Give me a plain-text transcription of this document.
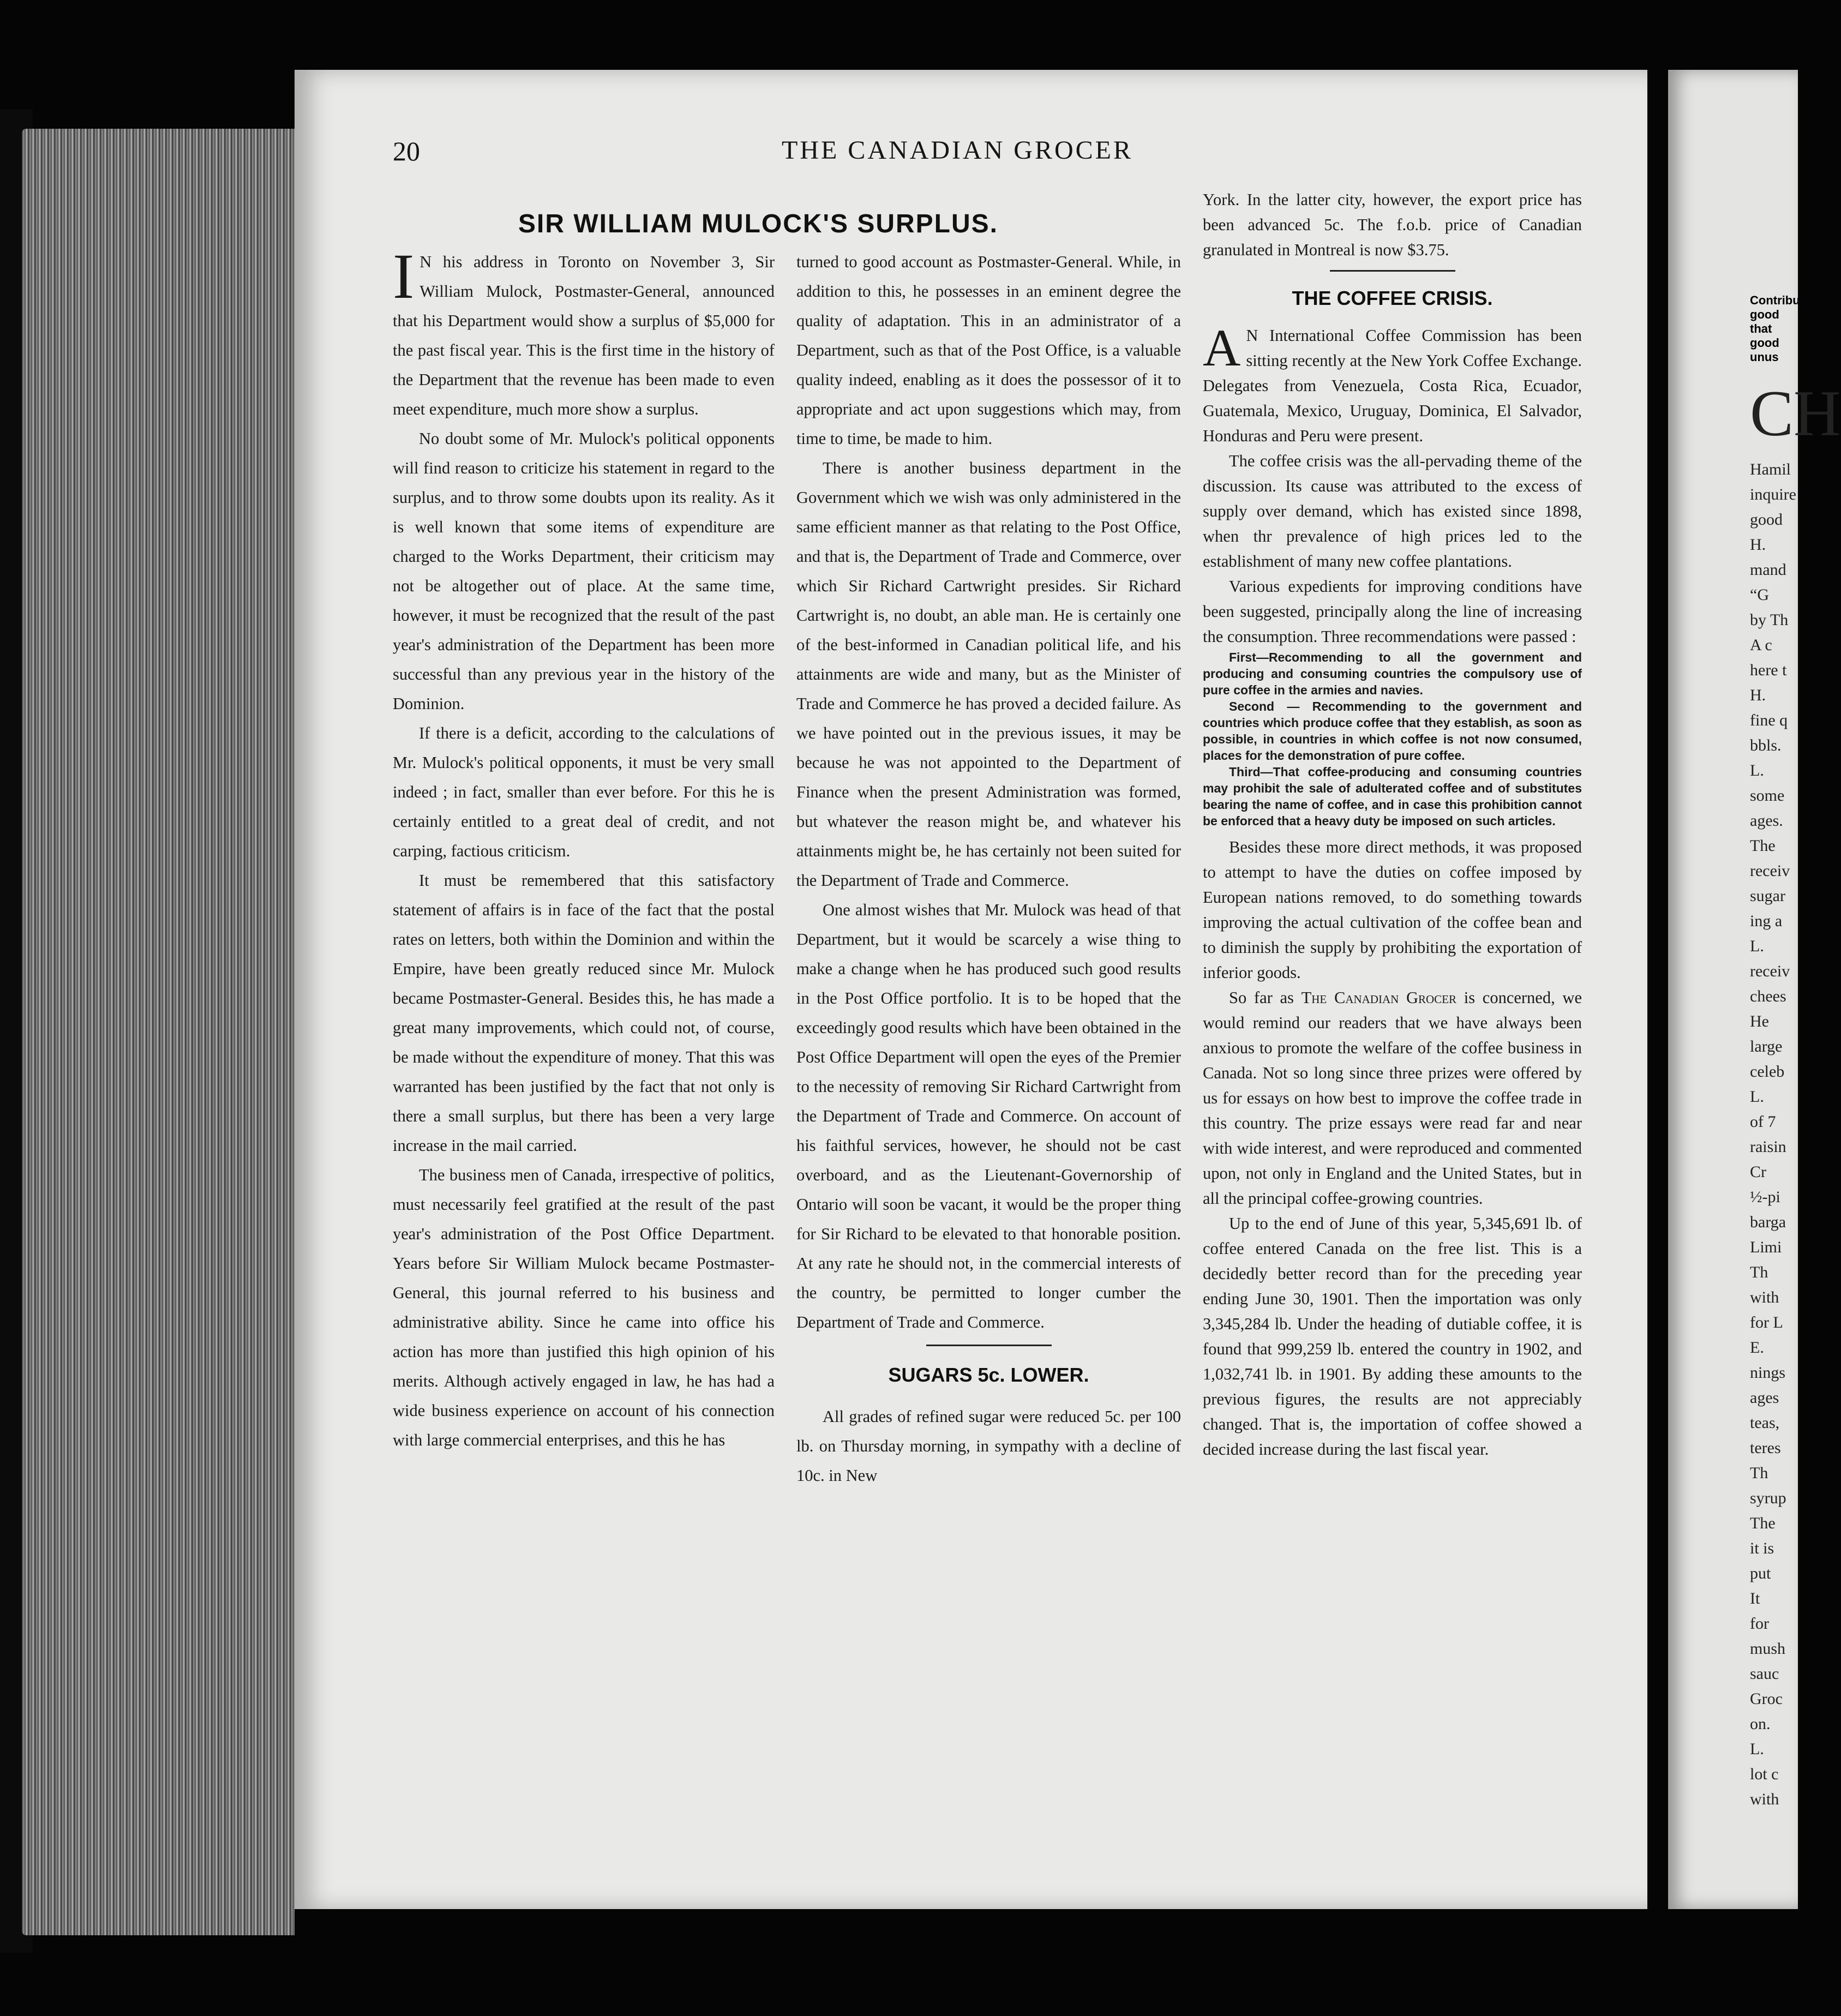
20	THE CANADIAN GROCER
SIR WILLIAM MULOCK'S SURPLUS.

I N his address in Toronto on November 3, Sir William Mulock, Postmaster-General, announced that his Department would show a surplus of $5,000 for the past fiscal year. This is the first time in the history of the Department that the revenue has been made to even meet expenditure, much more show a surplus.

No doubt some of Mr. Mulock's political opponents will find reason to criticize his statement in regard to the surplus, and to throw some doubts upon its reality. As it is well known that some items of expenditure are charged to the Works Department, their criticism may not be altogether out of place. At the same time, however, it must be recognized that the result of the past year's administration of the Department has been more successful than any previous year in the history of the Dominion.

If there is a deficit, according to the calculations of Mr. Mulock's political opponents, it must be very small indeed ; in fact, smaller than ever before. For this he is certainly entitled to a great deal of credit, and not carping, factious criticism.

It must be remembered that this satisfactory statement of affairs is in face of the fact that the postal rates on letters, both within the Dominion and within the Empire, have been greatly reduced since Mr. Mulock became Postmaster-General. Besides this, he has made a great many improvements, which could not, of course, be made without the expenditure of money. That this was warranted has been justified by the fact that not only is there a small surplus, but there has been a very large increase in the mail carried.

The business men of Canada, irrespective of politics, must necessarily feel gratified at the result of the past year's administration of the Post Office Department. Years before Sir William Mulock became Postmaster-General, this journal referred to his business and administrative ability. Since he came into office his action has more than justified this high opinion of his merits. Although actively engaged in law, he has had a wide business experience on account of his connection with large commercial enterprises, and this he has

turned to good account as Postmaster-General. While, in addition to this, he possesses in an eminent degree the quality of adaptation. This in an administrator of a Department, such as that of the Post Office, is a valuable quality indeed, enabling as it does the possessor of it to appropriate and act upon suggestions which may, from time to time, be made to him.

There is another business department in the Government which we wish was only administered in the same efficient manner as that relating to the Post Office, and that is, the Department of Trade and Commerce, over which Sir Richard Cartwright presides. Sir Richard Cartwright is, no doubt, an able man. He is certainly one of the best-informed in Canadian political life, and his attainments are wide and many, but as the Minister of Trade and Commerce he has proved a decided failure. As we have pointed out in the previous issues, it may be because he was not appointed to the Department of Finance when the present Administration was formed, but whatever the reason might be, and whatever his attainments might be, he has certainly not been suited for the Department of Trade and Commerce.

One almost wishes that Mr. Mulock was head of that Department, but it would be scarcely a wise thing to make a change when he has produced such good results in the Post Office portfolio. It is to be hoped that the exceedingly good results which have been obtained in the Post Office Department will open the eyes of the Premier to the necessity of removing Sir Richard Cartwright from the Department of Trade and Commerce. On account of his faithful services, however, he should not be cast overboard, and as the Lieutenant-Governorship of Ontario will soon be vacant, it would be the proper thing for Sir Richard to be elevated to that honorable position. At any rate he should not, in the commercial interests of the country, be permitted to longer cumber the Department of Trade and Commerce.

SUGARS 5c. LOWER.

All grades of refined sugar were reduced 5c. per 100 lb. on Thursday morning, in sympathy with a decline of 10c. in New

York. In the latter city, however, the export price has been advanced 5c. The f.o.b. price of Canadian granulated in Montreal is now $3.75.

THE COFFEE CRISIS.

A N International Coffee Commission has been sitting recently at the New York Coffee Exchange. Delegates from Venezuela, Costa Rica, Ecuador, Guatemala, Mexico, Uruguay, Dominica, El Salvador, Honduras and Peru were present.

The coffee crisis was the all-pervading theme of the discussion. Its cause was attributed to the excess of supply over demand, which has existed since 1898, when thr prevalence of high prices led to the establishment of many new coffee plantations.

Various expedients for improving conditions have been suggested, principally along the line of increasing the consumption. Three recommendations were passed :

First—Recommending to all the government and producing and consuming countries the compulsory use of pure coffee in the armies and navies.

Second — Recommending to the government and countries which produce coffee that they establish, as soon as possible, in countries in which coffee is not now consumed, places for the demonstration of pure coffee.

Third—That coffee-producing and consuming countries may prohibit the sale of adulterated coffee and of substitutes bearing the name of coffee, and in case this prohibition cannot be enforced that a heavy duty be imposed on such articles.

Besides these more direct methods, it was proposed to attempt to have the duties on coffee imposed by European nations removed, to do something towards improving the actual cultivation of the coffee bean and to diminish the supply by prohibiting the exportation of inferior goods.

So far as The Canadian Grocer is concerned, we would remind our readers that we have always been anxious to promote the welfare of the coffee business in Canada. Not so long since three prizes were offered by us for essays on how best to improve the coffee trade in this country. The prize essays were read far and near with wide interest, and were reproduced and commented upon, not only in England and the United States, but in all the principal coffee-growing countries.

Up to the end of June of this year, 5,345,691 lb. of coffee entered Canada on the free list. This is a decidedly better record than for the preceding year ending June 30, 1901. Then the importation was only 3,345,284 lb. Under the heading of dutiable coffee, it is found that 999,259 lb. entered the country in 1902, and 1,032,741 lb. in 1901. By adding these amounts to the previous figures, the results are not appreciably changed. That is, the importation of coffee showed a decided increase during the last fiscal year.

Contribu
good
that
good
unus
CH
Hamil
inquire
good
H.
mand
“G
by Th
A c
here t
H.
fine q
bbls.
L.
some
ages.
The
receiv
sugar
ing a
L.
receiv
chees
He
large
celeb
L.
of 7
raisin
Cr
½-pi
barga
Limi
Th
with
for L
E.
nings
ages
teas,
teres
Th
syrup
The
it is
put
It
for
mush
sauc
Groc
on.
L.
lot c
with
